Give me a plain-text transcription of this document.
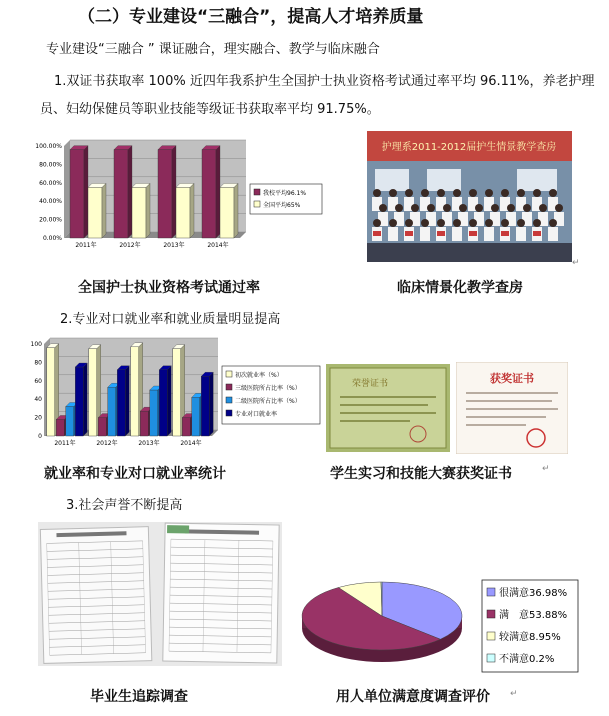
（二）专业建设“三融合”，提高人才培养质量
专业建设“三融合 ” 课证融合，理实融合、教学与临床融合
1.双证书获取率 100% 近四年我系护生全国护士执业资格考试通过率平均 96.11%，养老护理员、妇幼保健员等职业技能等级证书获取率平均 91.75%。
0.00%
20.00%
40.00%
60.00%
80.00%
100.00%
2011年	2012年	2013年	2014年
我校平均96.1%
全国平均65%
护理系2011-2012届护生情景教学查房
↵
全国护士执业资格考试通过率	临床情景化教学查房
2.专业对口就业率和就业质量明显提高
0
20
40
60
80
100
2011年	2012年	2013年	2014年
初次就业率（%）
三级医院所占比率（%）
二级医院所占比率（%）
专业对口就业率
荣誉证书	获奖证书
就业率和专业对口就业率统计	学生实习和技能大赛获奖证书	↵
3.社会声誉不断提高
很满意36.98%
满　意53.88%
较满意8.95%
不满意0.2%
毕业生追踪调查	用人单位满意度调查评价 ↵
